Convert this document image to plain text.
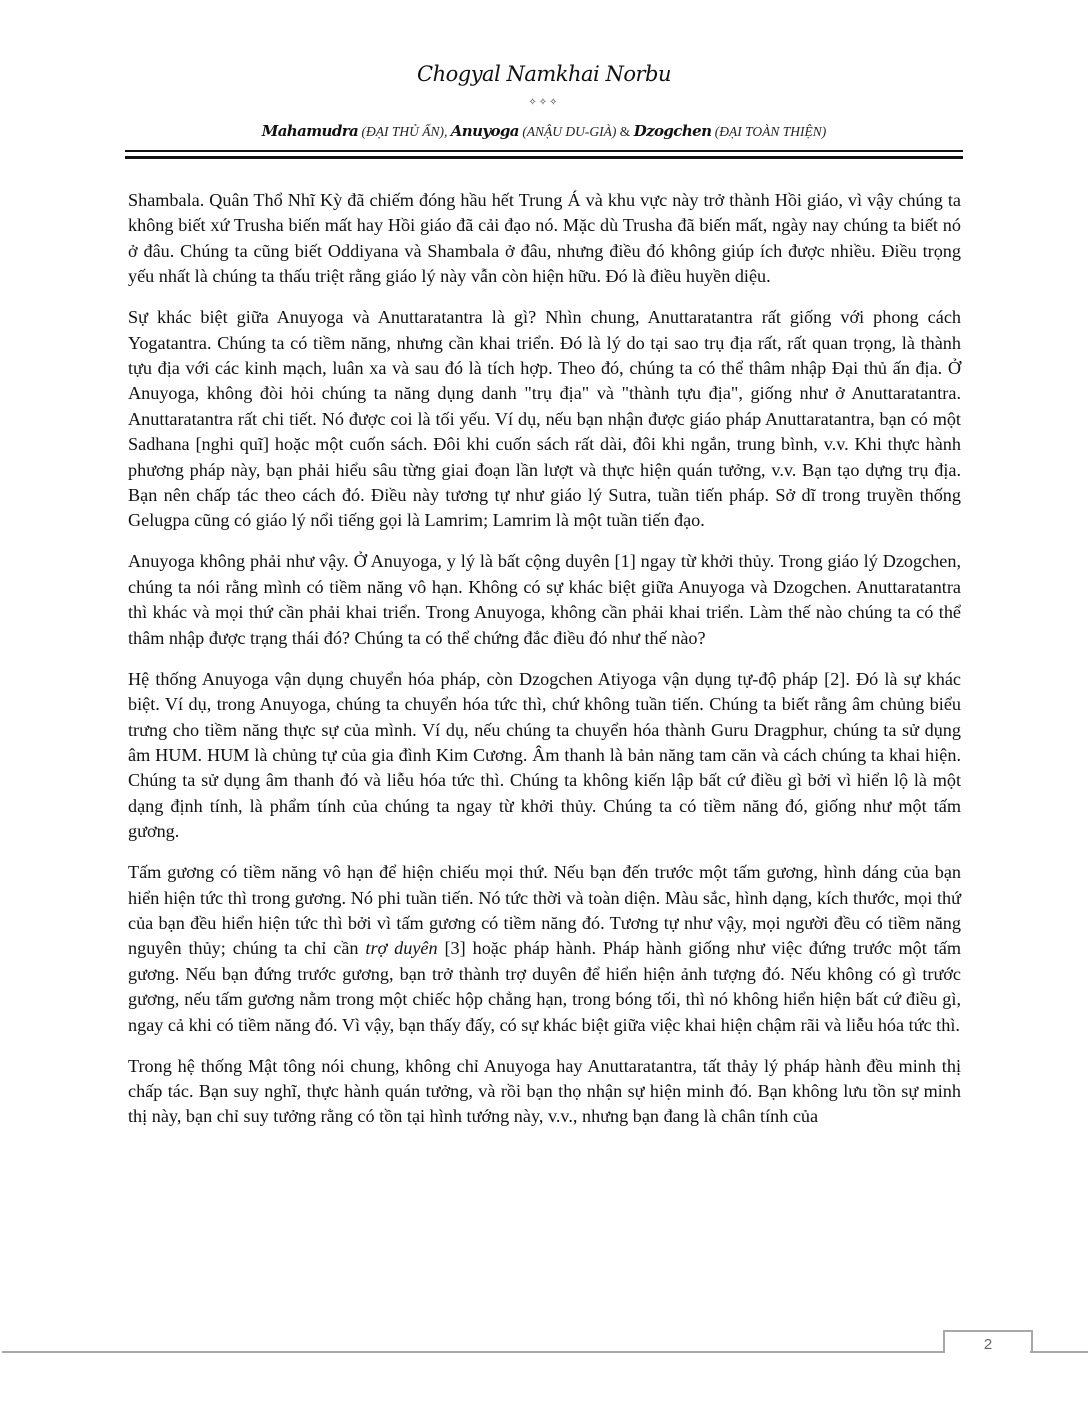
Chogyal Namkhai Norbu
✧✧✧
Mahamudra (ĐẠI THỦ ẤN), Anuyoga (ANẬU DU-GIÀ) & Dzogchen (ĐẠI TOÀN THIỆN)

Shambala. Quân Thổ Nhĩ Kỳ đã chiếm đóng hầu hết Trung Á và khu vực này trở thành Hồi giáo, vì vậy chúng ta không biết xứ Trusha biến mất hay Hồi giáo đã cải đạo nó. Mặc dù Trusha đã biến mất, ngày nay chúng ta biết nó ở đâu. Chúng ta cũng biết Oddiyana và Shambala ở đâu, nhưng điều đó không giúp ích được nhiều. Điều trọng yếu nhất là chúng ta thấu triệt rằng giáo lý này vẫn còn hiện hữu. Đó là điều huyền diệu.

Sự khác biệt giữa Anuyoga và Anuttaratantra là gì? Nhìn chung, Anuttaratantra rất giống với phong cách Yogatantra. Chúng ta có tiềm năng, nhưng cần khai triển. Đó là lý do tại sao trụ địa rất, rất quan trọng, là thành tựu địa với các kinh mạch, luân xa và sau đó là tích hợp. Theo đó, chúng ta có thể thâm nhập Đại thủ ấn địa. Ở Anuyoga, không đòi hỏi chúng ta năng dụng danh "trụ địa" và "thành tựu địa", giống như ở Anuttaratantra. Anuttaratantra rất chi tiết. Nó được coi là tối yếu. Ví dụ, nếu bạn nhận được giáo pháp Anuttaratantra, bạn có một Sadhana [nghi quĩ] hoặc một cuốn sách. Đôi khi cuốn sách rất dài, đôi khi ngắn, trung bình, v.v. Khi thực hành phương pháp này, bạn phải hiểu sâu từng giai đoạn lần lượt và thực hiện quán tưởng, v.v. Bạn tạo dựng trụ địa. Bạn nên chấp tác theo cách đó. Điều này tương tự như giáo lý Sutra, tuần tiến pháp. Sở dĩ trong truyền thống Gelugpa cũng có giáo lý nổi tiếng gọi là Lamrim; Lamrim là một tuần tiến đạo.

Anuyoga không phải như vậy. Ở Anuyoga, y lý là bất cộng duyên [1] ngay từ khởi thủy. Trong giáo lý Dzogchen, chúng ta nói rằng mình có tiềm năng vô hạn. Không có sự khác biệt giữa Anuyoga và Dzogchen. Anuttaratantra thì khác và mọi thứ cần phải khai triển. Trong Anuyoga, không cần phải khai triển. Làm thế nào chúng ta có thể thâm nhập được trạng thái đó? Chúng ta có thể chứng đắc điều đó như thế nào?

Hệ thống Anuyoga vận dụng chuyển hóa pháp, còn Dzogchen Atiyoga vận dụng tự-độ pháp [2]. Đó là sự khác biệt. Ví dụ, trong Anuyoga, chúng ta chuyển hóa tức thì, chứ không tuần tiến. Chúng ta biết rằng âm chủng biểu trưng cho tiềm năng thực sự của mình. Ví dụ, nếu chúng ta chuyển hóa thành Guru Dragphur, chúng ta sử dụng âm HUM. HUM là chủng tự của gia đình Kim Cương. Âm thanh là bản năng tam căn và cách chúng ta khai hiện. Chúng ta sử dụng âm thanh đó và liễu hóa tức thì. Chúng ta không kiến lập bất cứ điều gì bởi vì hiển lộ là một dạng định tính, là phẩm tính của chúng ta ngay từ khởi thủy. Chúng ta có tiềm năng đó, giống như một tấm gương.

Tấm gương có tiềm năng vô hạn để hiện chiếu mọi thứ. Nếu bạn đến trước một tấm gương, hình dáng của bạn hiển hiện tức thì trong gương. Nó phi tuần tiến. Nó tức thời và toàn diện. Màu sắc, hình dạng, kích thước, mọi thứ của bạn đều hiển hiện tức thì bởi vì tấm gương có tiềm năng đó. Tương tự như vậy, mọi người đều có tiềm năng nguyên thủy; chúng ta chỉ cần trợ duyên [3] hoặc pháp hành. Pháp hành giống như việc đứng trước một tấm gương. Nếu bạn đứng trước gương, bạn trở thành trợ duyên để hiển hiện ảnh tượng đó. Nếu không có gì trước gương, nếu tấm gương nằm trong một chiếc hộp chẳng hạn, trong bóng tối, thì nó không hiển hiện bất cứ điều gì, ngay cả khi có tiềm năng đó. Vì vậy, bạn thấy đấy, có sự khác biệt giữa việc khai hiện chậm rãi và liễu hóa tức thì.

Trong hệ thống Mật tông nói chung, không chỉ Anuyoga hay Anuttaratantra, tất thảy lý pháp hành đều minh thị chấp tác. Bạn suy nghĩ, thực hành quán tưởng, và rồi bạn thọ nhận sự hiện minh đó. Bạn không lưu tồn sự minh thị này, bạn chỉ suy tưởng rằng có tồn tại hình tướng này, v.v., nhưng bạn đang là chân tính của

2
